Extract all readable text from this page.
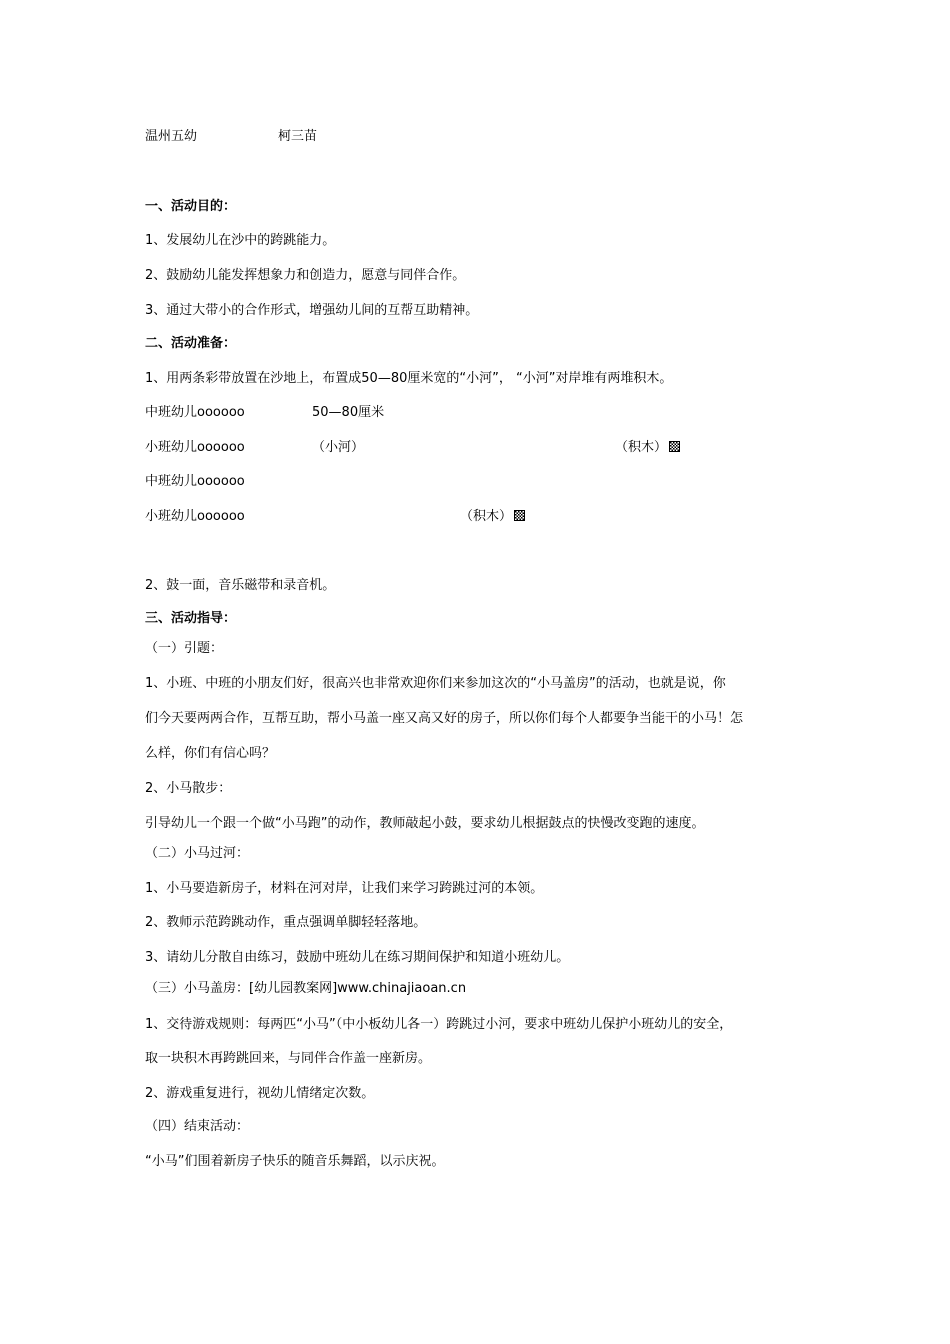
温州五幼	柯三苗
一、活动目的：
1、发展幼儿在沙中的跨跳能力。
2、鼓励幼儿能发挥想象力和创造力，愿意与同伴合作。
3、通过大带小的合作形式，增强幼儿间的互帮互助精神。
二、活动准备：
1、用两条彩带放置在沙地上，布置成50—80厘米宽的“小河”， “小河”对岸堆有两堆积木。
中班幼儿oooooo	50—80厘米
小班幼儿oooooo	（小河）	（积木）
中班幼儿oooooo
小班幼儿oooooo	（积木）
2、鼓一面，音乐磁带和录音机。
三、活动指导：
（一）引题：
1、小班、中班的小朋友们好，很高兴也非常欢迎你们来参加这次的“小马盖房”的活动，也就是说，你
们今天要两两合作，互帮互助，帮小马盖一座又高又好的房子，所以你们每个人都要争当能干的小马！怎
么样，你们有信心吗？
2、小马散步：
引导幼儿一个跟一个做“小马跑”的动作，教师敲起小鼓，要求幼儿根据鼓点的快慢改变跑的速度。
（二）小马过河：
1、小马要造新房子，材料在河对岸，让我们来学习跨跳过河的本领。
2、教师示范跨跳动作，重点强调单脚轻轻落地。
3、请幼儿分散自由练习，鼓励中班幼儿在练习期间保护和知道小班幼儿。
（三）小马盖房：[幼儿园教案网]www.chinajiaoan.cn
1、交待游戏规则：每两匹“小马”（中小板幼儿各一）跨跳过小河，要求中班幼儿保护小班幼儿的安全，
取一块积木再跨跳回来，与同伴合作盖一座新房。
2、游戏重复进行，视幼儿情绪定次数。
（四）结束活动：
“小马”们围着新房子快乐的随音乐舞蹈，以示庆祝。
